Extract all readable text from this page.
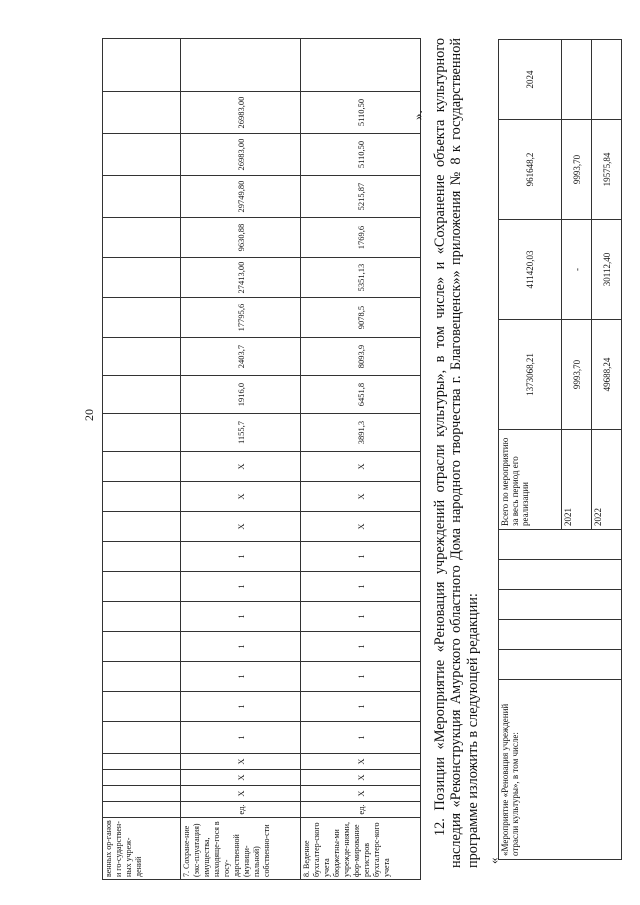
20
венных ор-ганов и го-сударствен-ных учреж-дений																								
7. Сохране-ние (экс-плуатация) имущества, находяще-гося в госу-дарственной (муници-пальной) собственно-сти	ед.	X	X	X	1	1	1	1	1	1	1	X	X	X	1155,7	1916,0	2403,7	17795,6	27413,00	9630,88	29749,80	26983,00	26983,00	
8. Ведение бухгалтер-ского учета бюджетны-ми учрежде-ниями, фор-мирование регистров бухгалтерс-кого учета	ед.	X	X	X	1	1	1	1	1	1	1	X	X	X	3891,3	6451,8	8093,9	9078,5	5351,13	1769,6	5215,87	5110,50	5110,50		». 12. Позиции «Мероприятие «Реновация учреждений отрасли культуры», в том числе» и «Сохранение объекта культурного наследия «Реконструкция Амурского областного Дома народного творчества г. Благовещенск»» приложения № 8 к государственной программе изложить в следующей редакции: «
«Мероприятие «Реновация учреждений отрасли культуры», в том числе:						Всего по мероприятию за весь период его реализации	1373068,21	411420,03	961648,2	2024
						2021	9993,70	-	9993,70	
						2022	49688,24	30112,40	19575,84	
